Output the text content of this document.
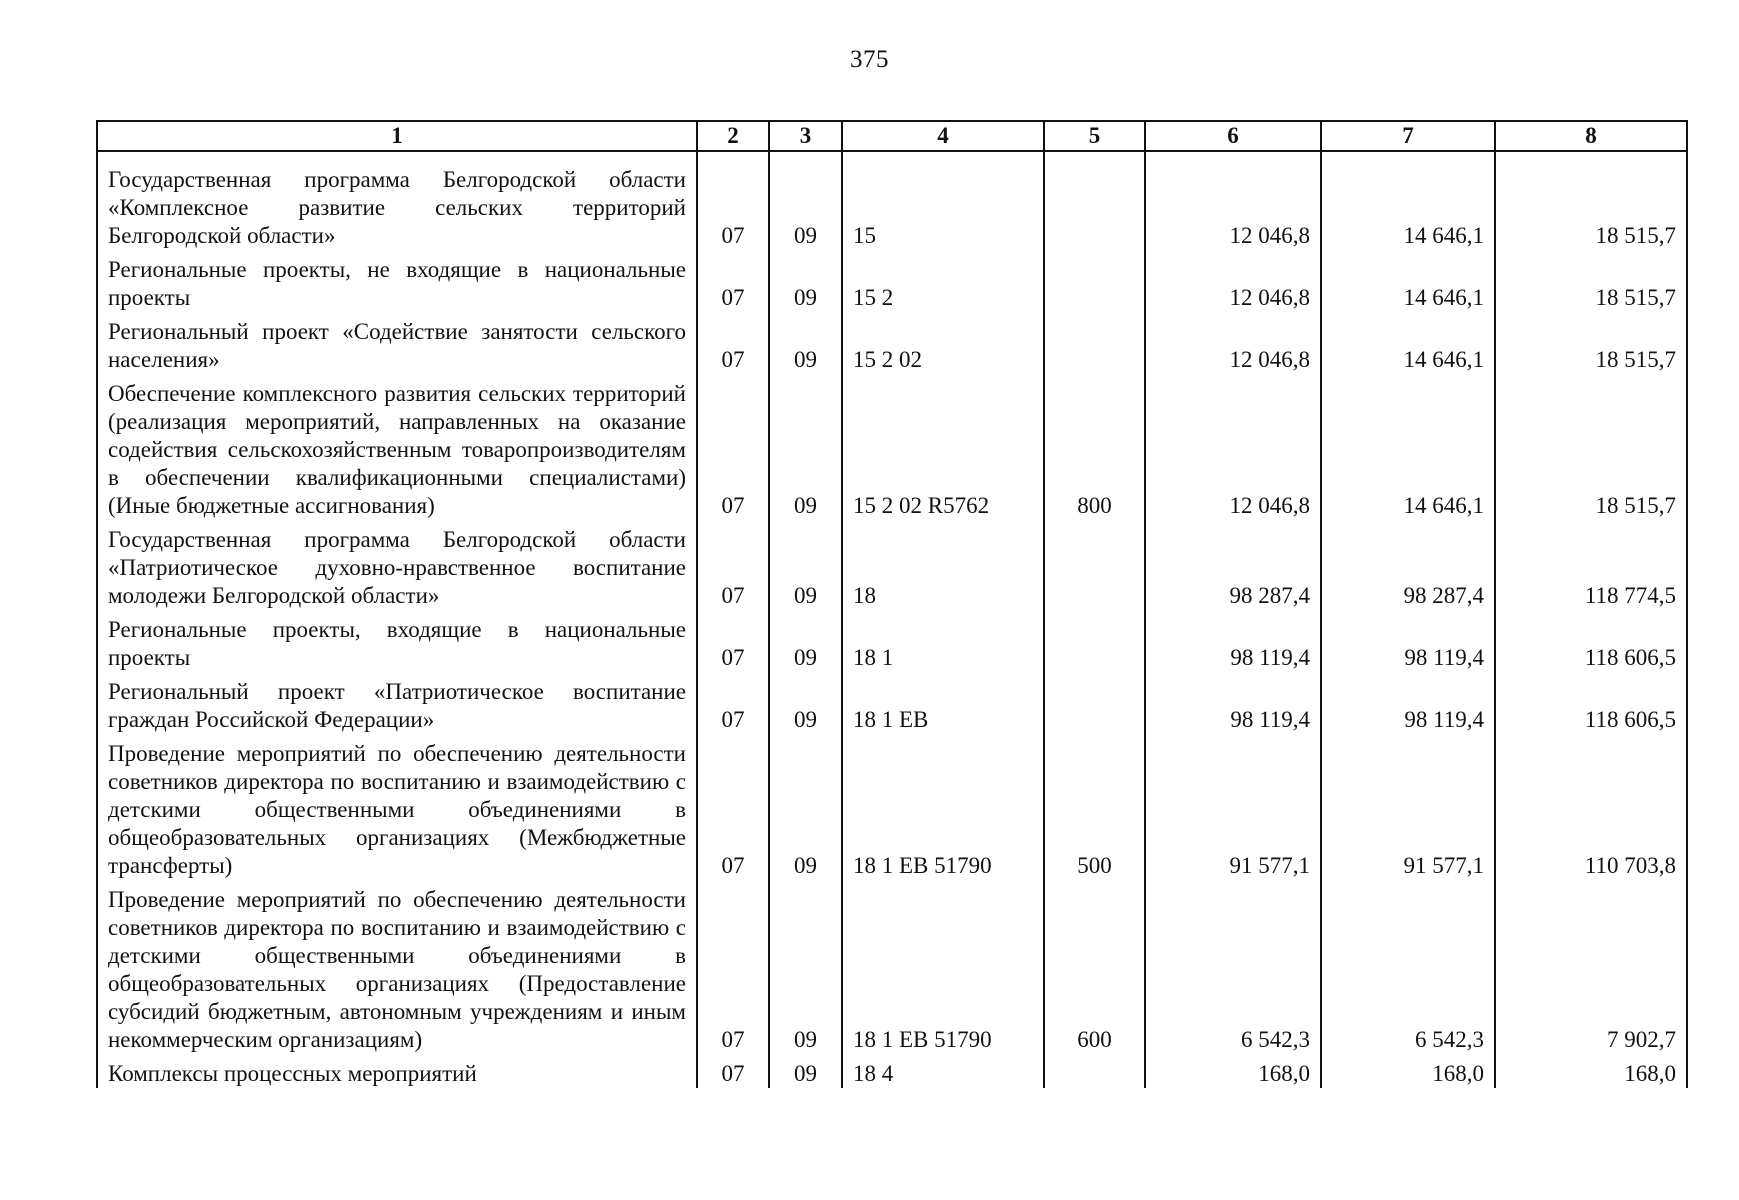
375
1	2	3	4	5	6	7	8
Государственная программа Белгородской области «Комплексное развитие сельских территорий Белгородской области»	07	09	15		12 046,8	14 646,1	18 515,7
Региональные проекты, не входящие в национальные проекты	07	09	15 2		12 046,8	14 646,1	18 515,7
Региональный проект «Содействие занятости сельского населения»	07	09	15 2 02		12 046,8	14 646,1	18 515,7
Обеспечение комплексного развития сельских территорий (реализация мероприятий, направленных на оказание содействия сельскохозяйственным товаропроизводителям в обеспечении квалификационными специалистами) (Иные бюджетные ассигнования)	07	09	15 2 02 R5762	800	12 046,8	14 646,1	18 515,7
Государственная программа Белгородской области «Патриотическое духовно-нравственное воспитание молодежи Белгородской области»	07	09	18		98 287,4	98 287,4	118 774,5
Региональные проекты, входящие в национальные проекты	07	09	18 1		98 119,4	98 119,4	118 606,5
Региональный проект «Патриотическое воспитание граждан Российской Федерации»	07	09	18 1 ЕВ		98 119,4	98 119,4	118 606,5
Проведение мероприятий по обеспечению деятельности советников директора по воспитанию и взаимодействию с детскими общественными объединениями в общеобразовательных организациях (Межбюджетные трансферты)	07	09	18 1 ЕВ 51790	500	91 577,1	91 577,1	110 703,8
Проведение мероприятий по обеспечению деятельности советников директора по воспитанию и взаимодействию с детскими общественными объединениями в общеобразовательных организациях (Предоставление субсидий бюджетным, автономным учреждениям и иным некоммерческим организациям)	07	09	18 1 ЕВ 51790	600	6 542,3	6 542,3	7 902,7
Комплексы процессных мероприятий	07	09	18 4		168,0	168,0	168,0
